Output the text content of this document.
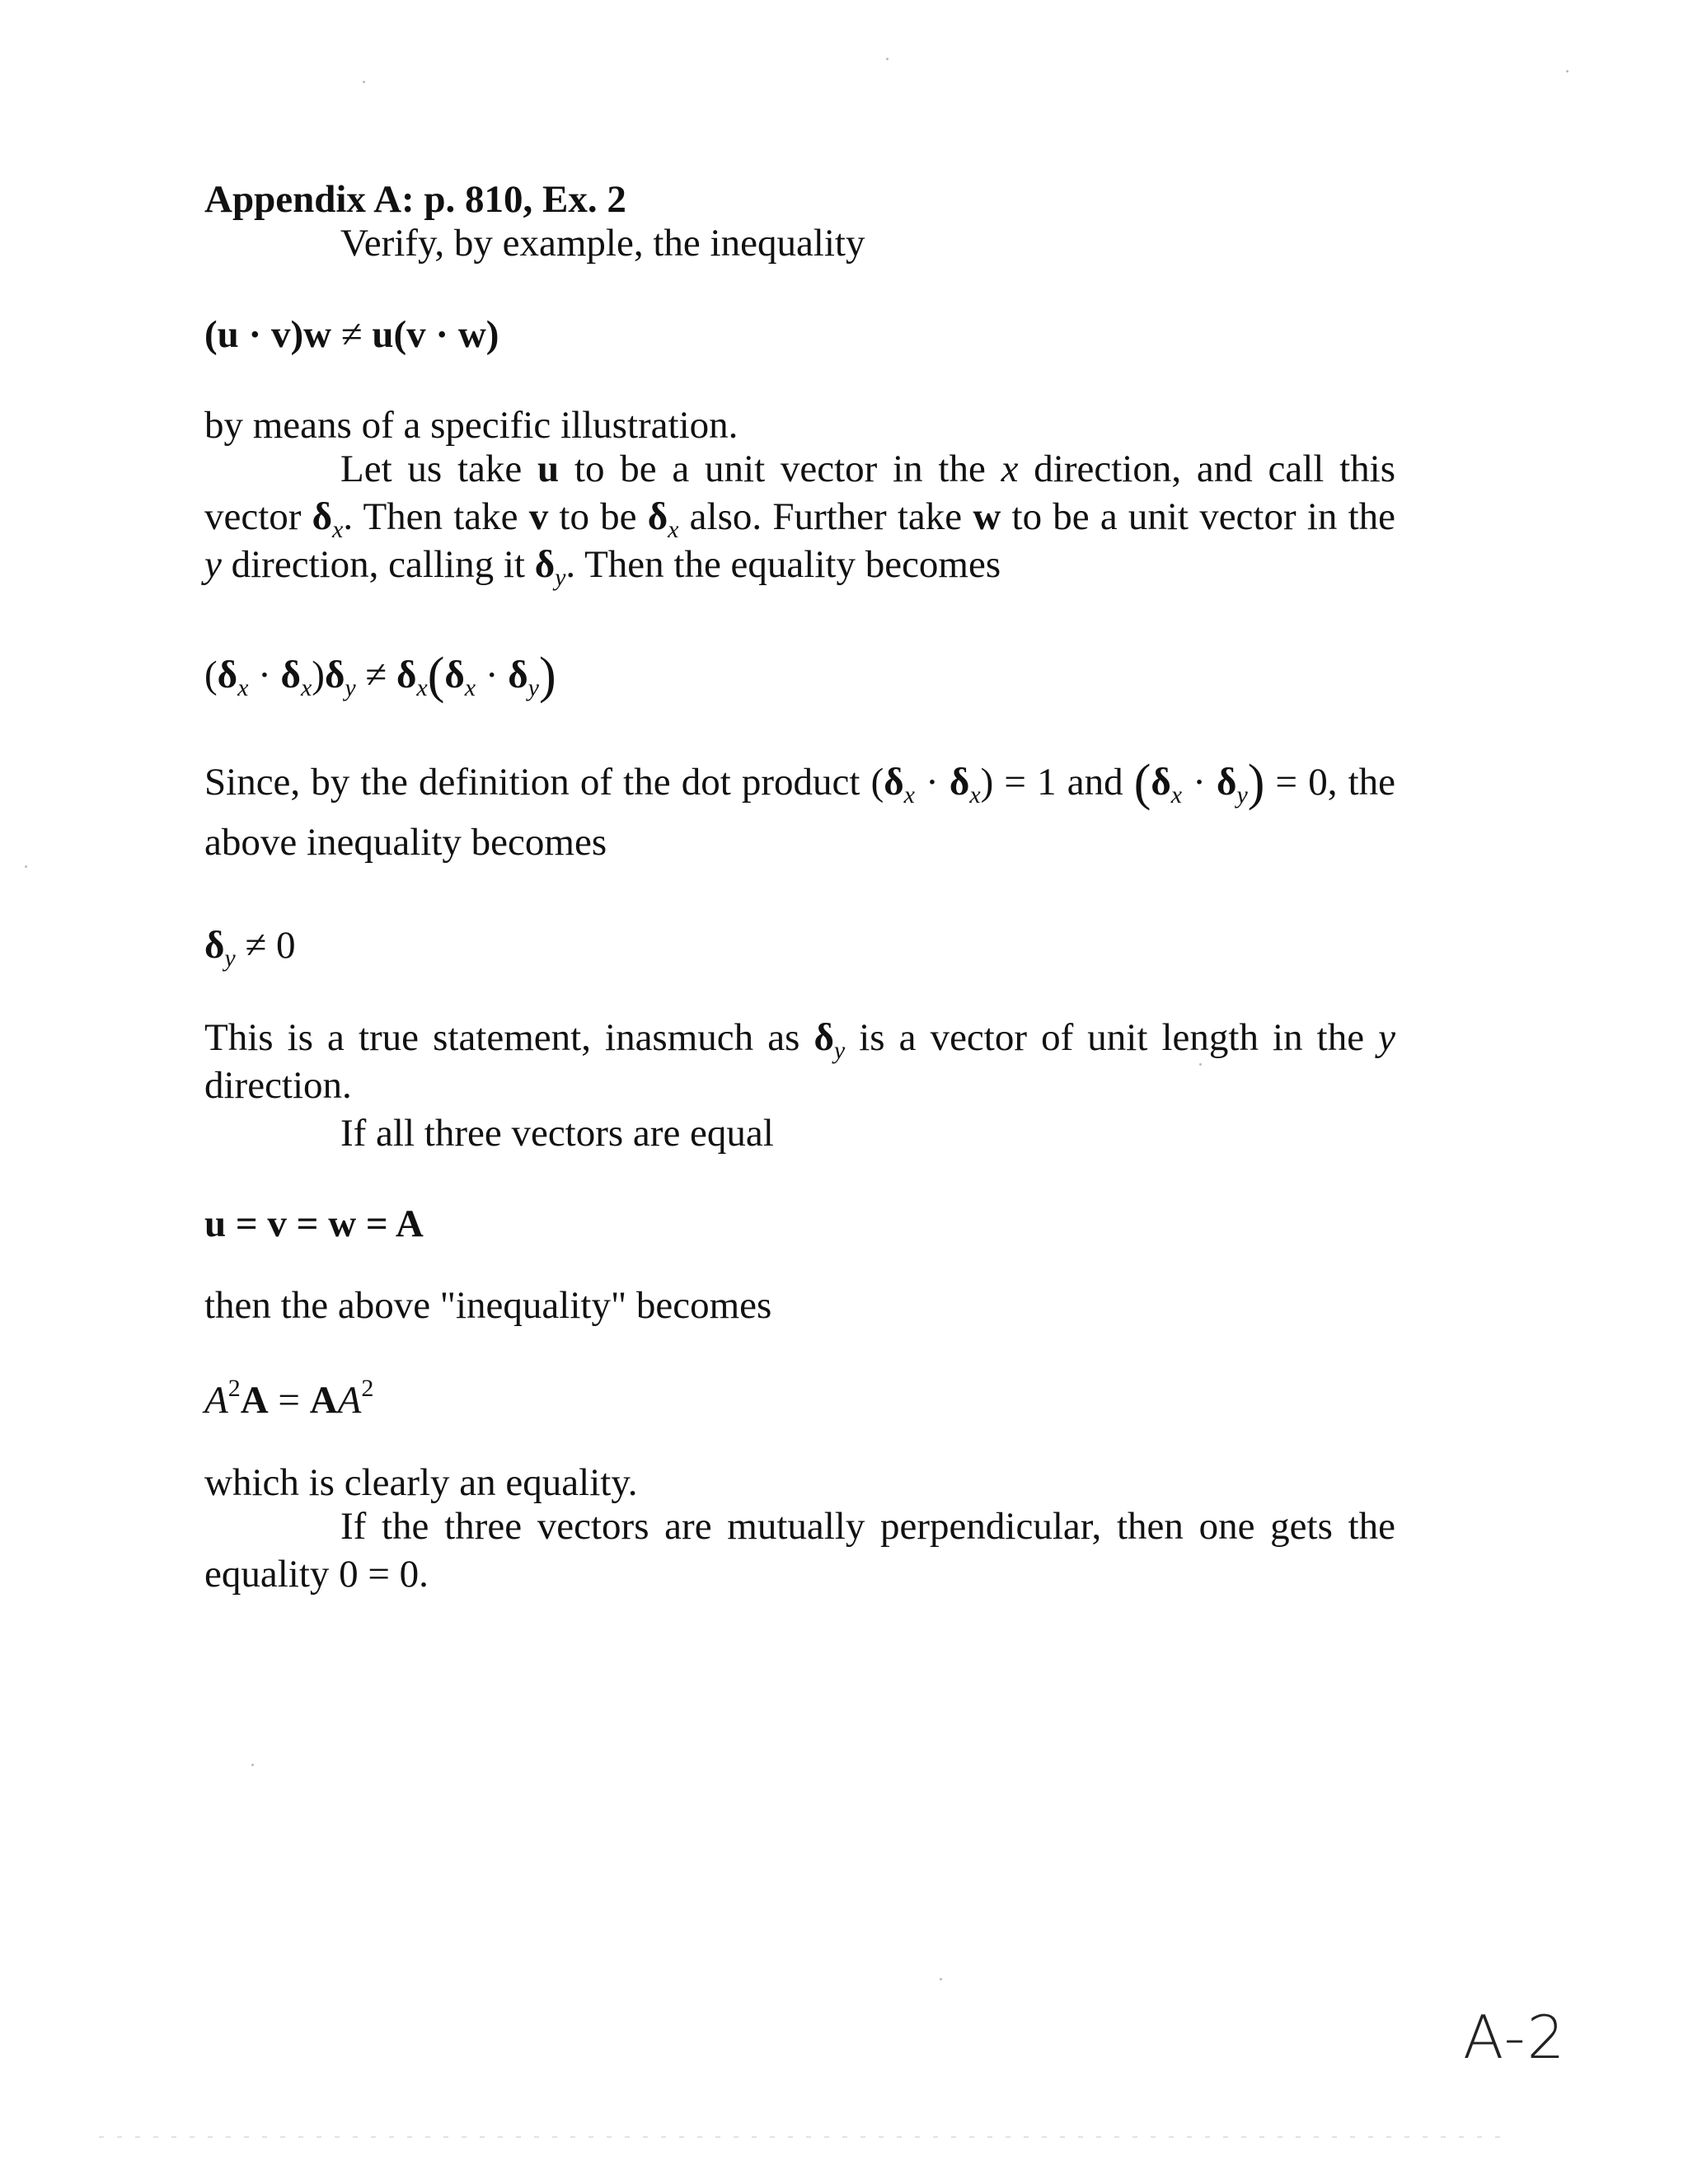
Appendix A: p. 810, Ex. 2
Verify, by example, the inequality
(u · v)w ≠ u(v · w)
by means of a specific illustration.
Let us take u to be a unit vector in the x direction, and call this vector $\delta_x$. Then take v to be $\delta_x$ also. Further take w to be a unit vector in the y direction, calling it $\delta_y$. Then the equality becomes
$(\delta_x \cdot \delta_x)\delta_y \ne \delta_x(\delta_x \cdot \delta_y)$
Since, by the definition of the dot product $(\delta_x \cdot \delta_x) = 1$ and $(\delta_x \cdot \delta_y) = 0$, the above inequality becomes
$\delta_y \ne 0$
This is a true statement, inasmuch as $\delta_y$ is a vector of unit length in the y direction.
If all three vectors are equal
u = v = w = A
then the above "inequality" becomes
$A^2A = AA^2$
which is clearly an equality.
If the three vectors are mutually perpendicular, then one gets the equality 0 = 0.
A-2
